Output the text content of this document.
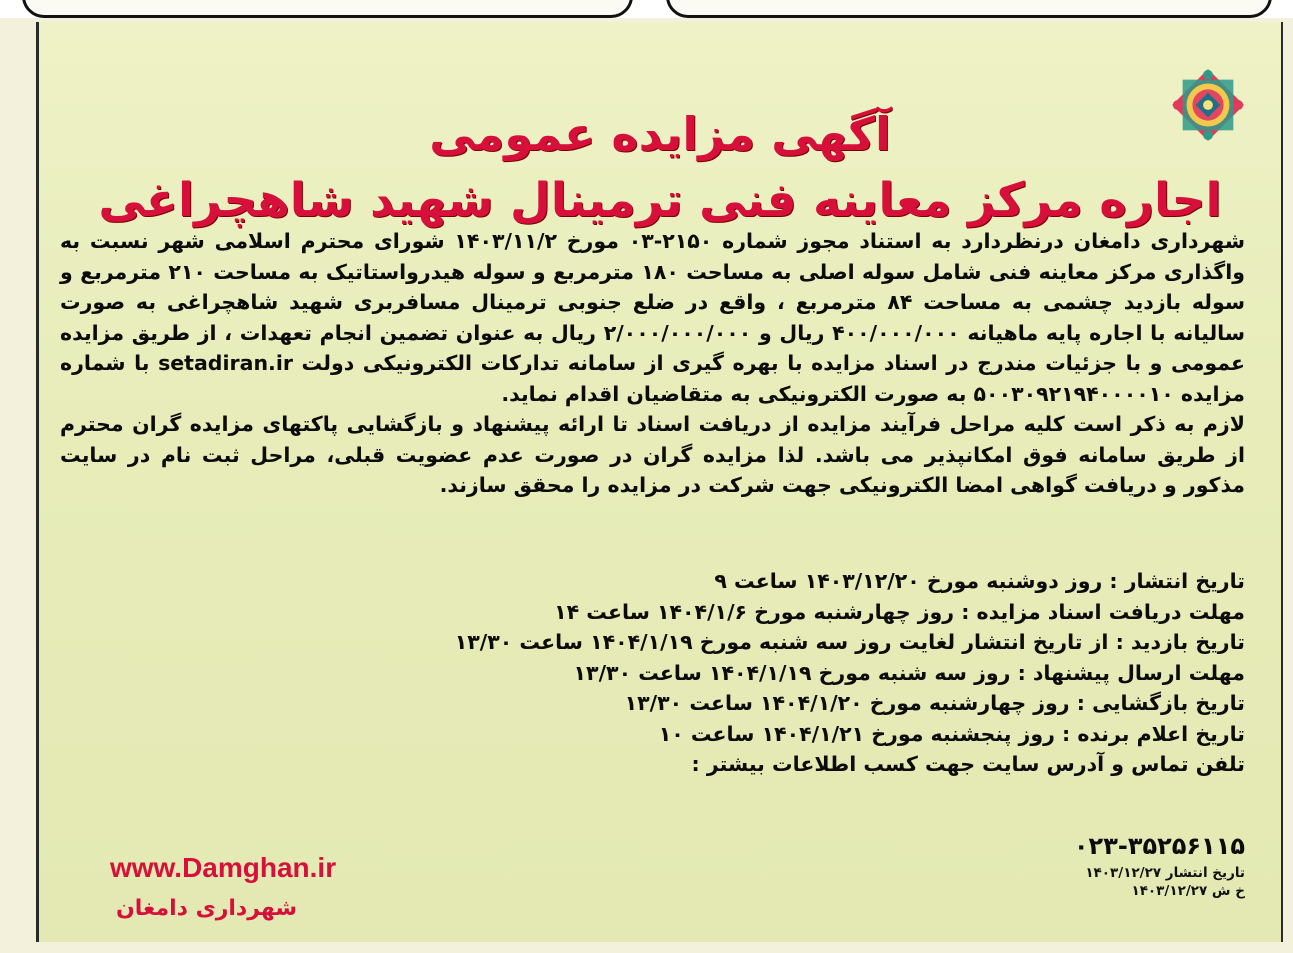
آگهی مزایده عمومی
اجاره مرکز معاینه فنی ترمینال شهید شاهچراغی

شهرداری دامغان درنظردارد به استناد مجوز شماره ۲۱۵۰-۰۳ مورخ ۱۴۰۳/۱۱/۲ شورای محترم اسلامی شهر نسبت به واگذاری مرکز معاینه فنی شامل سوله اصلی به مساحت ۱۸۰ مترمربع و سوله هیدرواستاتیک به مساحت ۲۱۰ مترمربع و سوله بازدید چشمی به مساحت ۸۴ مترمربع ، واقع در ضلع جنوبی ترمینال مسافربری شهید شاهچراغی به صورت سالیانه با اجاره پایه ماهیانه ۴۰۰/۰۰۰/۰۰۰ ریال و ۲/۰۰۰/۰۰۰/۰۰۰ ریال به عنوان تضمین انجام تعهدات ، از طریق مزایده عمومی و با جزئیات مندرج در اسناد مزایده با بهره گیری از سامانه تدارکات الکترونیکی دولت setadiran.ir با شماره مزایده ۵۰۰۳۰۹۲۱۹۴۰۰۰۰۱۰ به صورت الکترونیکی به متقاضیان اقدام نماید.

لازم به ذکر است کلیه مراحل فرآیند مزایده از دریافت اسناد تا ارائه پیشنهاد و بازگشایی پاکتهای مزایده گران محترم از طریق سامانه فوق امکانپذیر می باشد. لذا مزایده گران در صورت عدم عضویت قبلی، مراحل ثبت نام در سایت مذکور و دریافت گواهی امضا الکترونیکی جهت شرکت در مزایده را محقق سازند.

تاریخ انتشار : روز دوشنبه مورخ ۱۴۰۳/۱۲/۲۰ ساعت ۹
مهلت دریافت اسناد مزایده : روز چهارشنبه مورخ ۱۴۰۴/۱/۶ ساعت ۱۴
تاریخ بازدید : از تاریخ انتشار لغایت روز سه شنبه مورخ ۱۴۰۴/۱/۱۹ ساعت ۱۳/۳۰
مهلت ارسال پیشنهاد : روز سه شنبه مورخ ۱۴۰۴/۱/۱۹ ساعت ۱۳/۳۰
تاریخ بازگشایی : روز چهارشنبه مورخ ۱۴۰۴/۱/۲۰ ساعت ۱۳/۳۰
تاریخ اعلام برنده : روز پنجشنبه مورخ ۱۴۰۴/۱/۲۱ ساعت ۱۰
تلفن تماس و آدرس سایت جهت کسب اطلاعات بیشتر :
۰۲۳-۳۵۲۵۶۱۱۵
تاریخ انتشار ۱۴۰۳/۱۲/۲۷
خ ش ۱۴۰۳/۱۲/۲۷
www.Damghan.ir
شهرداری دامغان
